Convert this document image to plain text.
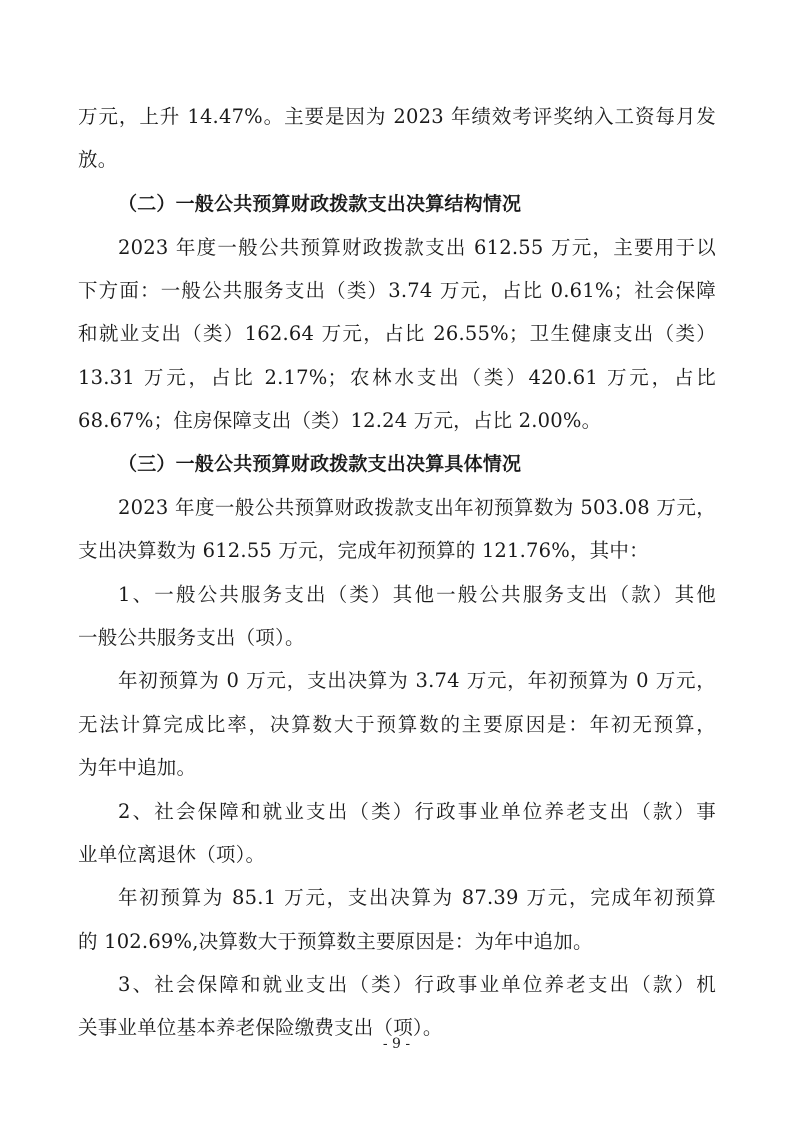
万元，上升 14.47%。主要是因为 2023 年绩效考评奖纳入工资每月发
放。
（二）一般公共预算财政拨款支出决算结构情况
2023 年度一般公共预算财政拨款支出 612.55 万元，主要用于以
下方面：一般公共服务支出（类）3.74 万元，占比 0.61%；社会保障
和就业支出（类）162.64 万元，占比 26.55%；卫生健康支出（类）
13.31 万元，占比 2.17%；农林水支出（类）420.61 万元，占比
68.67%；住房保障支出（类）12.24 万元，占比 2.00%。
（三）一般公共预算财政拨款支出决算具体情况
2023 年度一般公共预算财政拨款支出年初预算数为 503.08 万元，
支出决算数为 612.55 万元，完成年初预算的 121.76%，其中：
1、一般公共服务支出（类）其他一般公共服务支出（款）其他
一般公共服务支出（项）。
年初预算为 0 万元，支出决算为 3.74 万元，年初预算为 0 万元，
无法计算完成比率，决算数大于预算数的主要原因是：年初无预算，
为年中追加。
2、社会保障和就业支出（类）行政事业单位养老支出（款）事
业单位离退休（项）。
年初预算为 85.1 万元，支出决算为 87.39 万元，完成年初预算
的 102.69%,决算数大于预算数主要原因是：为年中追加。
3、社会保障和就业支出（类）行政事业单位养老支出（款）机
关事业单位基本养老保险缴费支出（项）。
- 9 -
